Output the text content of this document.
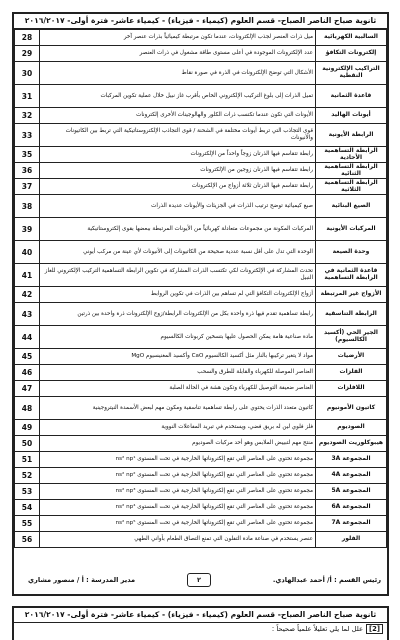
ثانوية صباح الناصر الصباح- قسم العلوم (كيمياء - فيزياء) - كيمياء عاشر- فترة أولى- ٢٠١٦/٢٠١٧
السالبية الكهربائية	ميل ذرات العنصر لجذب الإلكترونات، عندما تكون مرتبطة كيميائياً بذرات عنصر آخر	28
إلكترونات التكافؤ	عدد الإلكترونات الموجودة في أعلى مستوى طاقة مشغول في ذرات العنصر	29
التراكيب الإلكترونية النقطية	الأشكال التي توضح الإلكترونات في الذرة في صورة نقاط	30
قاعدة الثمانية	تميل الذرات إلى بلوغ التركيب الإلكتروني الخاص بأقرب غاز نبيل خلال عملية تكوين المركبات	31
أيونات الهاليد	الأيونات التي تكون عندما تكتسب ذرات الكلور والهالوجينات الأخرى إلكترونات	32
الرابطة الأيونية	قوى التجاذب التي تربط أيونات مختلفة في الشحنة / قوى التجاذب الإلكتروستاتيكية التي تربط بين الكاتيونات والأنيونات	33
الرابطة التساهمية الأحادية	رابطة تتقاسم فيها الذرتان زوجاً واحداً من الإلكترونات	35
الرابطة التساهمية الثنائية	رابطة تتقاسم فيها الذرتان زوجين من الإلكترونات	36
الرابطة التساهمية الثلاثية	رابطة تتقاسم فيها الذرتان ثلاثة أزواج من الإلكترونات	37
الصيغ البنائية	صيغ كيميائية توضح ترتيب الذرات في الجزيئات والأيونات عديدة الذرات	38
المركبات الأيونية	المركبات المكونة من مجموعات متعادلة كهربائياً من الأيونات المرتبطة ببعضها بقوى إلكتروستاتيكية	39
وحدة الصيغة	الوحدة التي تدل على أقل نسبة عددية صحيحة من الكاتيونات إلى الأنيونات لأي عينة من مركب أيوني	40
قاعدة الثمانية في الرابطة التساهمية	تحدث المشاركة في الإلكترونات لكي تكتسب الذرات المشاركة في تكوين الرابطة التساهمية التركيب الإلكتروني للغاز النبيل	41
الأزواج غير المرتبطة	أزواج الإلكترونات التكافؤ التي لم تساهم بين الذرات في تكوين الروابط	42
الرابطة التناسقية	رابطة تساهمية تقدم فيها ذرة واحدة بكل من الإلكترونات الرابطة/زوج الإلكترونات ذرة واحدة بين ذرتين	43
الجير الحي (أكسيد الكالسيوم)	مادة صناعية هامة يمكن الحصول عليها بتسخين كربونات الكالسيوم	44
الأرضيات	مواد لا يتغير تركيبها بالنار مثل أكسيد الكالسيوم CaO وأكسيد المغنيسيوم MgO	45
الفلزات	العناصر الموصلة للكهرباء والقابلة للطرق والسحب	46
اللافلزات	العناصر ضعيفة التوصيل للكهرباء وتكون هشة في الحالة الصلبة	47
كاتيون الأمونيوم	كاتيون متعدد الذرات يحتوي على رابطة تساهمية تناسقية ومكون مهم لبعض الأسمدة النيتروجينية	48
الصوديوم	فلز فلوي لين له بريق فضي، ويستخدم في تبريد المفاعلات النووية	49
هيبوكلوريت الصوديوم	منتج مهم لتبييض الملابس وهو أحد مركبات الصوديوم	50
المجموعة 3A	مجموعة تحتوي على العناصر التي تقع إلكتروناتها الخارجية في تحت المستوى ns² np¹	51
المجموعة 4A	مجموعة تحتوي على العناصر التي تقع إلكتروناتها الخارجية في تحت المستوى ns² np²	52
المجموعة 5A	مجموعة تحتوي على العناصر التي تقع إلكتروناتها الخارجية في تحت المستوى ns² np³	53
المجموعة 6A	مجموعة تحتوي على العناصر التي تقع إلكتروناتها الخارجية في تحت المستوى ns² np⁴	54
المجموعة 7A	مجموعة تحتوي على العناصر التي تقع إلكتروناتها الخارجية في تحت المستوى ns² np⁵	55
الفلور	عنصر يستخدم في صناعة مادة التفلون التي تمنع التصاق الطعام بأواني الطهي	56
رئيس القسم : أ/ أحمد عبدالهادي.
٢
مدير المدرسة : أ / منصور مشاري
ثانوية صباح الناصر الصباح- قسم العلوم (كيمياء - فيزياء) - كيمياء عاشر- فترة أولى- ٢٠١٦/٢٠١٧
[2]علل لما يلي تعليلاً علمياً صحيحاً :
